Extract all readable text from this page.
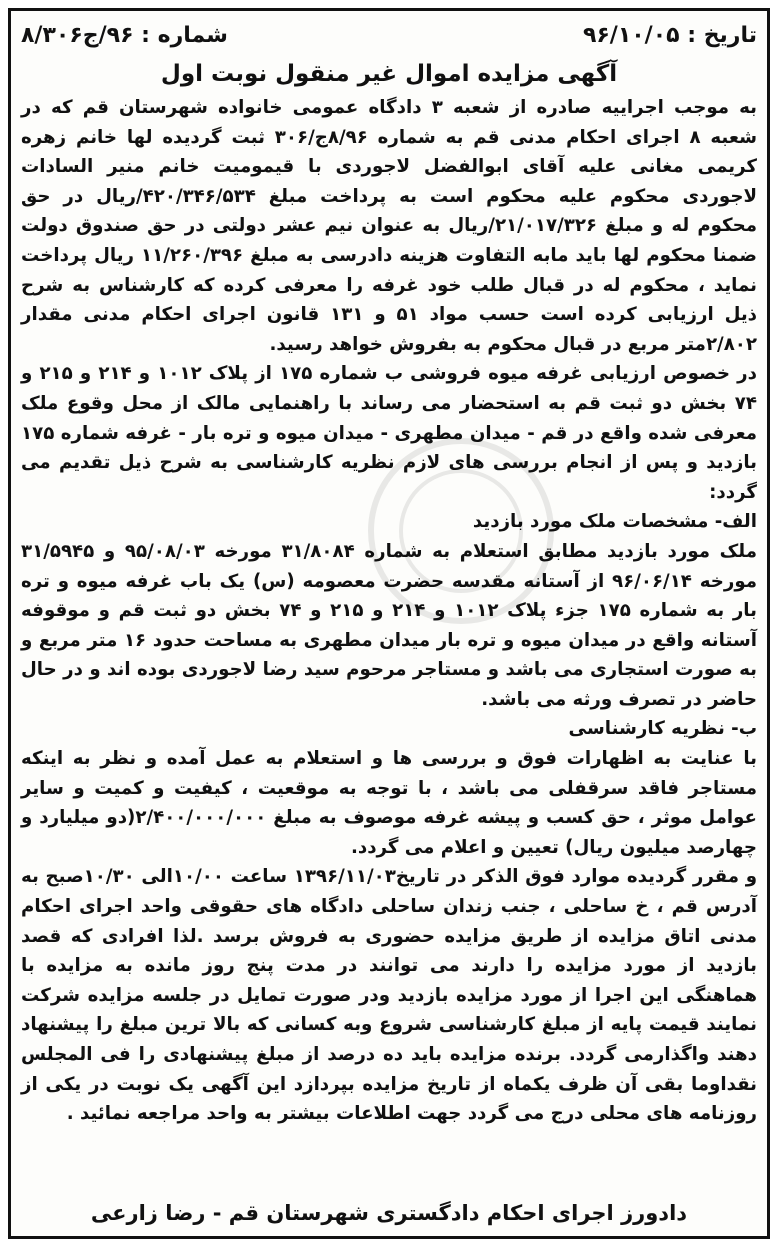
تاریخ : ۹۶/۱۰/۰۵
شماره : ۹۶/ج۸/۳۰۶
آگهی مزایده اموال غیر منقول نوبت اول

به موجب اجراییه صادره از شعبه ۳ دادگاه عمومی خانواده شهرستان قم که در شعبه ۸ اجرای احکام مدنی قم به شماره ۸/۹۶ج/۳۰۶ ثبت گردیده لها خانم زهره کریمی مغانی علیه آقای ابوالفضل لاجوردی با قیمومیت خانم منیر السادات لاجوردی محکوم علیه محکوم است به پرداخت مبلغ ۴۲۰/۳۴۶/۵۳۴/ریال در حق محکوم له و مبلغ ۲۱/۰۱۷/۳۲۶/ریال به عنوان نیم عشر دولتی در حق صندوق دولت ضمنا محکوم لها باید مابه التفاوت هزینه دادرسی به مبلغ ۱۱/۲۶۰/۳۹۶ ریال پرداخت نماید ، محکوم له در قبال طلب خود غرفه را معرفی کرده که کارشناس به شرح ذیل ارزیابی کرده است حسب مواد ۵۱ و ۱۳۱ قانون اجرای احکام مدنی مقدار ۲/۸۰۲متر مربع در قبال محکوم به بفروش خواهد رسید.

در خصوص ارزیابی غرفه میوه فروشی ب شماره ۱۷۵ از پلاک ۱۰۱۲ و ۲۱۴ و ۲۱۵ و ۷۴ بخش دو ثبت قم به استحضار می رساند با راهنمایی مالک از محل وقوع ملک معرفی شده واقع در قم - میدان مطهری - میدان میوه و تره بار - غرفه شماره ۱۷۵ بازدید و پس از انجام بررسی های لازم نظریه کارشناسی به شرح ذیل تقدیم می گردد:

الف- مشخصات ملک مورد بازدید

ملک مورد بازدید مطابق استعلام به شماره ۳۱/۸۰۸۴ مورخه ۹۵/۰۸/۰۳ و ۳۱/۵۹۴۵ مورخه ۹۶/۰۶/۱۴ از آستانه مقدسه حضرت معصومه (س) یک باب غرفه میوه و تره بار به شماره ۱۷۵ جزء پلاک ۱۰۱۲ و ۲۱۴ و ۲۱۵ و ۷۴ بخش دو ثبت قم و موقوفه آستانه واقع در میدان میوه و تره بار میدان مطهری به مساحت حدود ۱۶ متر مربع و به صورت استجاری می باشد و مستاجر مرحوم سید رضا لاجوردی بوده اند و در حال حاضر در تصرف ورثه می باشد.

ب- نظریه کارشناسی

با عنایت به اظهارات فوق و بررسی ها و استعلام به عمل آمده و نظر به اینکه مستاجر فاقد سرقفلی می باشد ، با توجه به موقعیت ، کیفیت و کمیت و سایر عوامل موثر ، حق کسب و پیشه غرفه موصوف به مبلغ ۲/۴۰۰/۰۰۰/۰۰۰(دو میلیارد و چهارصد میلیون ریال) تعیین و اعلام می گردد.

و مقرر گردیده موارد فوق الذکر در تاریخ۱۳۹۶/۱۱/۰۳ ساعت ۱۰/۰۰الی ۱۰/۳۰صبح به آدرس قم ، خ ساحلی ، جنب زندان ساحلی دادگاه های حقوقی واحد اجرای احکام مدنی اتاق مزایده از طریق مزایده حضوری به فروش برسد .لذا افرادی که قصد بازدید از مورد مزایده را دارند می توانند در مدت پنج روز مانده به مزایده با هماهنگی این اجرا از مورد مزایده بازدید ودر صورت تمایل در جلسه مزایده شرکت نمایند قیمت پایه از مبلغ کارشناسی شروع وبه کسانی که بالا ترین مبلغ را پیشنهاد دهند واگذارمی گردد. برنده مزایده باید ده درصد از مبلغ پیشنهادی را فی المجلس نقداوما بقی آن ظرف یکماه از تاریخ مزایده بپردازد این آگهی یک نوبت در یکی از روزنامه های محلی درج می گردد جهت اطلاعات بیشتر به واحد مراجعه نمائید .

دادورز اجرای احکام دادگستری شهرستان قم - رضا زارعی
